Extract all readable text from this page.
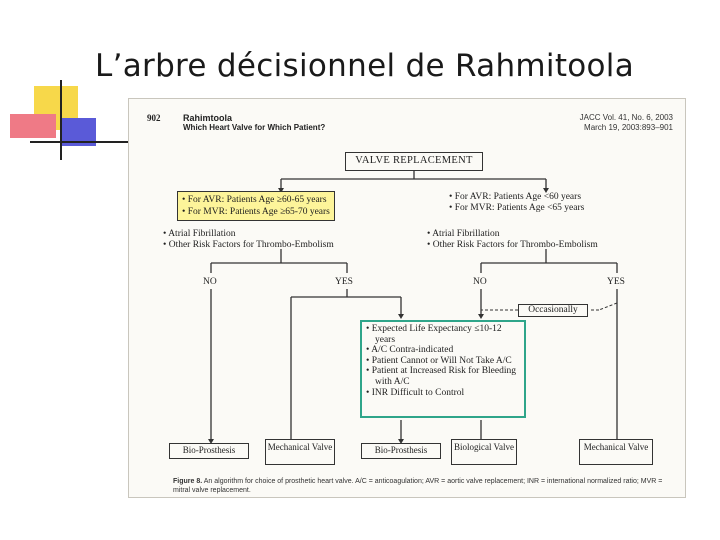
L’arbre décisionnel de Rahmitoola
902	Rahimtoola
Which Heart Valve for Which Patient?
JACC Vol. 41, No. 6, 2003
March 19, 2003:893–901
VALVE REPLACEMENT
• For AVR: Patients Age ≥60-65 years
• For MVR: Patients Age ≥65-70 years
• For AVR: Patients Age <60 years
• For MVR: Patients Age <65 years
• Atrial Fibrillation
• Other Risk Factors for Thrombo-Embolism
• Atrial Fibrillation
• Other Risk Factors for Thrombo-Embolism
NO	YES	NO	YES
Occasionally
• Expected Life Expectancy ≤10-12 years
• A/C Contra-indicated
• Patient Cannot or Will Not Take A/C
• Patient at Increased Risk for Bleeding with A/C
• INR Difficult to Control
Bio-Prosthesis	Mechanical Valve	Bio-Prosthesis	Biological Valve	Mechanical Valve
Figure 8. An algorithm for choice of prosthetic heart valve. A/C = anticoagulation; AVR = aortic valve replacement; INR = international normalized ratio; MVR = mitral valve replacement.
